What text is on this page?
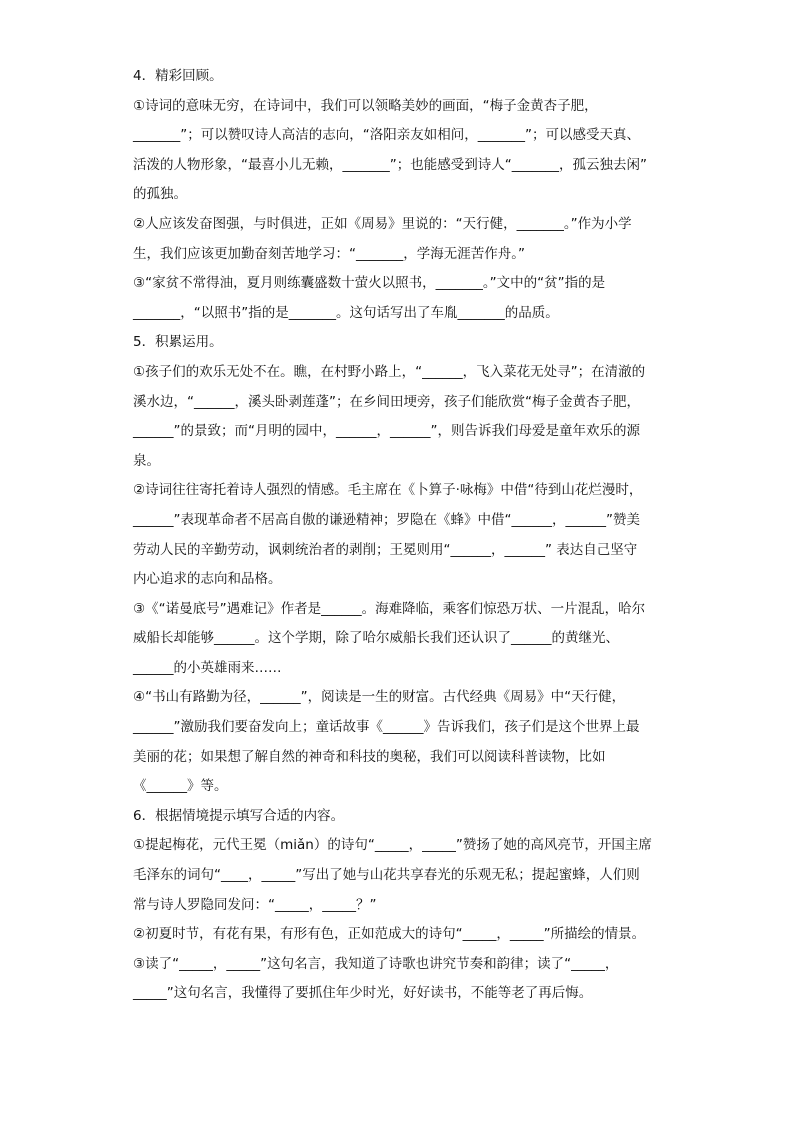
4．精彩回顾。
①诗词的意味无穷，在诗词中，我们可以领略美妙的画面，“梅子金黄杏子肥，
_______”；可以赞叹诗人高洁的志向，“洛阳亲友如相问，_______”；可以感受天真、
活泼的人物形象，“最喜小儿无赖，_______”；也能感受到诗人“_______，孤云独去闲”
的孤独。
②人应该发奋图强，与时俱进，正如《周易》里说的：“天行健，_______。”作为小学
生，我们应该更加勤奋刻苦地学习：“_______，学海无涯苦作舟。”
③“家贫不常得油，夏月则练囊盛数十萤火以照书，_______。”文中的“贫”指的是
_______，“以照书”指的是_______。这句话写出了车胤_______的品质。
5．积累运用。
①孩子们的欢乐无处不在。瞧，在村野小路上，“______，飞入菜花无处寻”；在清澈的
溪水边，“______，溪头卧剥莲蓬”；在乡间田埂旁，孩子们能欣赏“梅子金黄杏子肥，
______”的景致；而“月明的园中，______，______”，则告诉我们母爱是童年欢乐的源
泉。
②诗词往往寄托着诗人强烈的情感。毛主席在《卜算子·咏梅》中借“待到山花烂漫时，
______”表现革命者不居高自傲的谦逊精神；罗隐在《蜂》中借“______，______”赞美
劳动人民的辛勤劳动，讽刺统治者的剥削；王冕则用“______，______” 表达自己坚守
内心追求的志向和品格。
③《“诺曼底号”遇难记》作者是______。海难降临，乘客们惊恐万状、一片混乱，哈尔
威船长却能够______。这个学期，除了哈尔威船长我们还认识了______的黄继光、
______的小英雄雨来……
④“书山有路勤为径，______”，阅读是一生的财富。古代经典《周易》中“天行健，
______”激励我们要奋发向上；童话故事《______》告诉我们，孩子们是这个世界上最
美丽的花；如果想了解自然的神奇和科技的奥秘，我们可以阅读科普读物，比如
《______》等。
6．根据情境提示填写合适的内容。
①提起梅花，元代王冕（miǎn）的诗句“_____，_____”赞扬了她的高风亮节，开国主席
毛泽东的词句“____，_____”写出了她与山花共享春光的乐观无私；提起蜜蜂，人们则
常与诗人罗隐同发问：“_____，_____？”
②初夏时节，有花有果，有形有色，正如范成大的诗句“_____，_____”所描绘的情景。
③读了“_____，_____”这句名言，我知道了诗歌也讲究节奏和韵律；读了“_____，
_____”这句名言，我懂得了要抓住年少时光，好好读书，不能等老了再后悔。
